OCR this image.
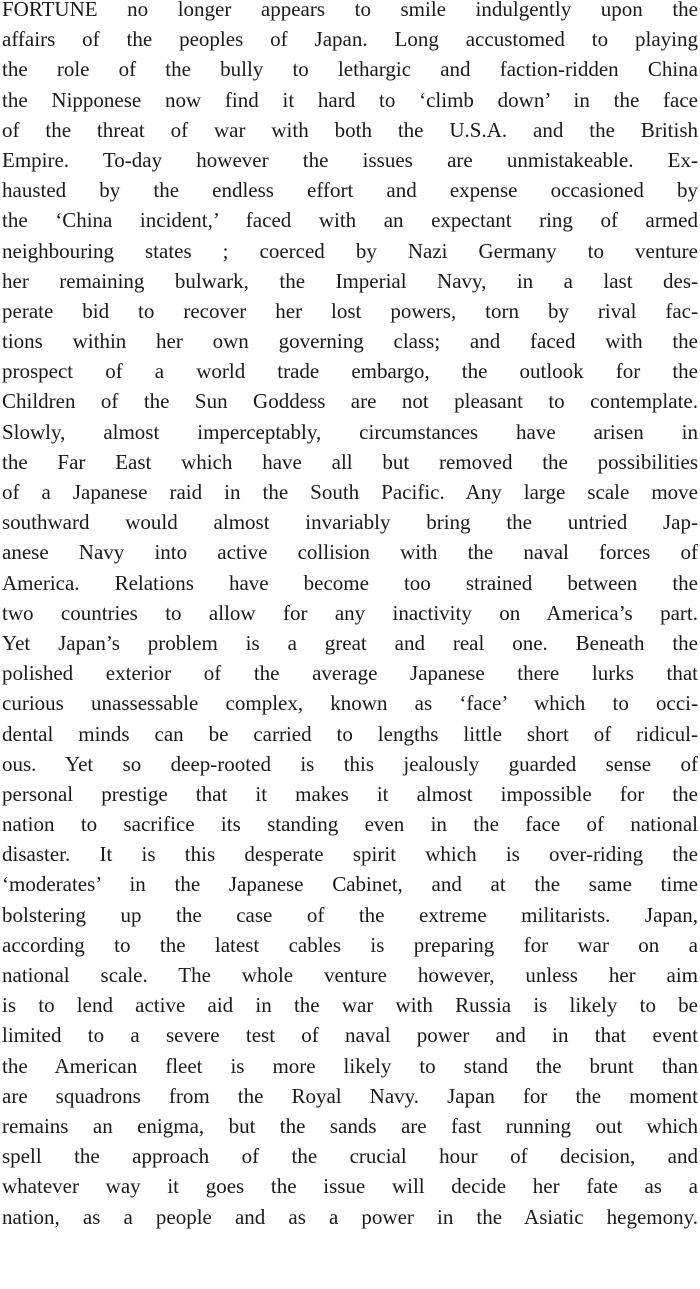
FORTUNE no longer appears to smile indulgently upon the
affairs of the peoples of Japan. Long accustomed to playing
the role of the bully to lethargic and faction-ridden China
the Nipponese now find it hard to ‘climb down’ in the face
of the threat of war with both the U.S.A. and the British
Empire. To-day however the issues are unmistakeable. Ex-
hausted by the endless effort and expense occasioned by
the ‘China incident,’ faced with an expectant ring of armed
neighbouring states ; coerced by Nazi Germany to venture
her remaining bulwark, the Imperial Navy, in a last des-
perate bid to recover her lost powers, torn by rival fac-
tions within her own governing class; and faced with the
prospect of a world trade embargo, the outlook for the
Children of the Sun Goddess are not pleasant to contemplate.
Slowly, almost imperceptably, circumstances have arisen in
the Far East which have all but removed the possibilities
of a Japanese raid in the South Pacific. Any large scale move
southward would almost invariably bring the untried Jap-
anese Navy into active collision with the naval forces of
America. Relations have become too strained between the
two countries to allow for any inactivity on America’s part.
Yet Japan’s problem is a great and real one. Beneath the
polished exterior of the average Japanese there lurks that
curious unassessable complex, known as ‘face’ which to occi-
dental minds can be carried to lengths little short of ridicul-
ous. Yet so deep-rooted is this jealously guarded sense of
personal prestige that it makes it almost impossible for the
nation to sacrifice its standing even in the face of national
disaster. It is this desperate spirit which is over-riding the
‘moderates’ in the Japanese Cabinet, and at the same time
bolstering up the case of the extreme militarists. Japan,
according to the latest cables is preparing for war on a
national scale. The whole venture however, unless her aim
is to lend active aid in the war with Russia is likely to be
limited to a severe test of naval power and in that event
the American fleet is more likely to stand the brunt than
are squadrons from the Royal Navy. Japan for the moment
remains an enigma, but the sands are fast running out which
spell the approach of the crucial hour of decision, and
whatever way it goes the issue will decide her fate as a
nation, as a people and as a power in the Asiatic hegemony.
